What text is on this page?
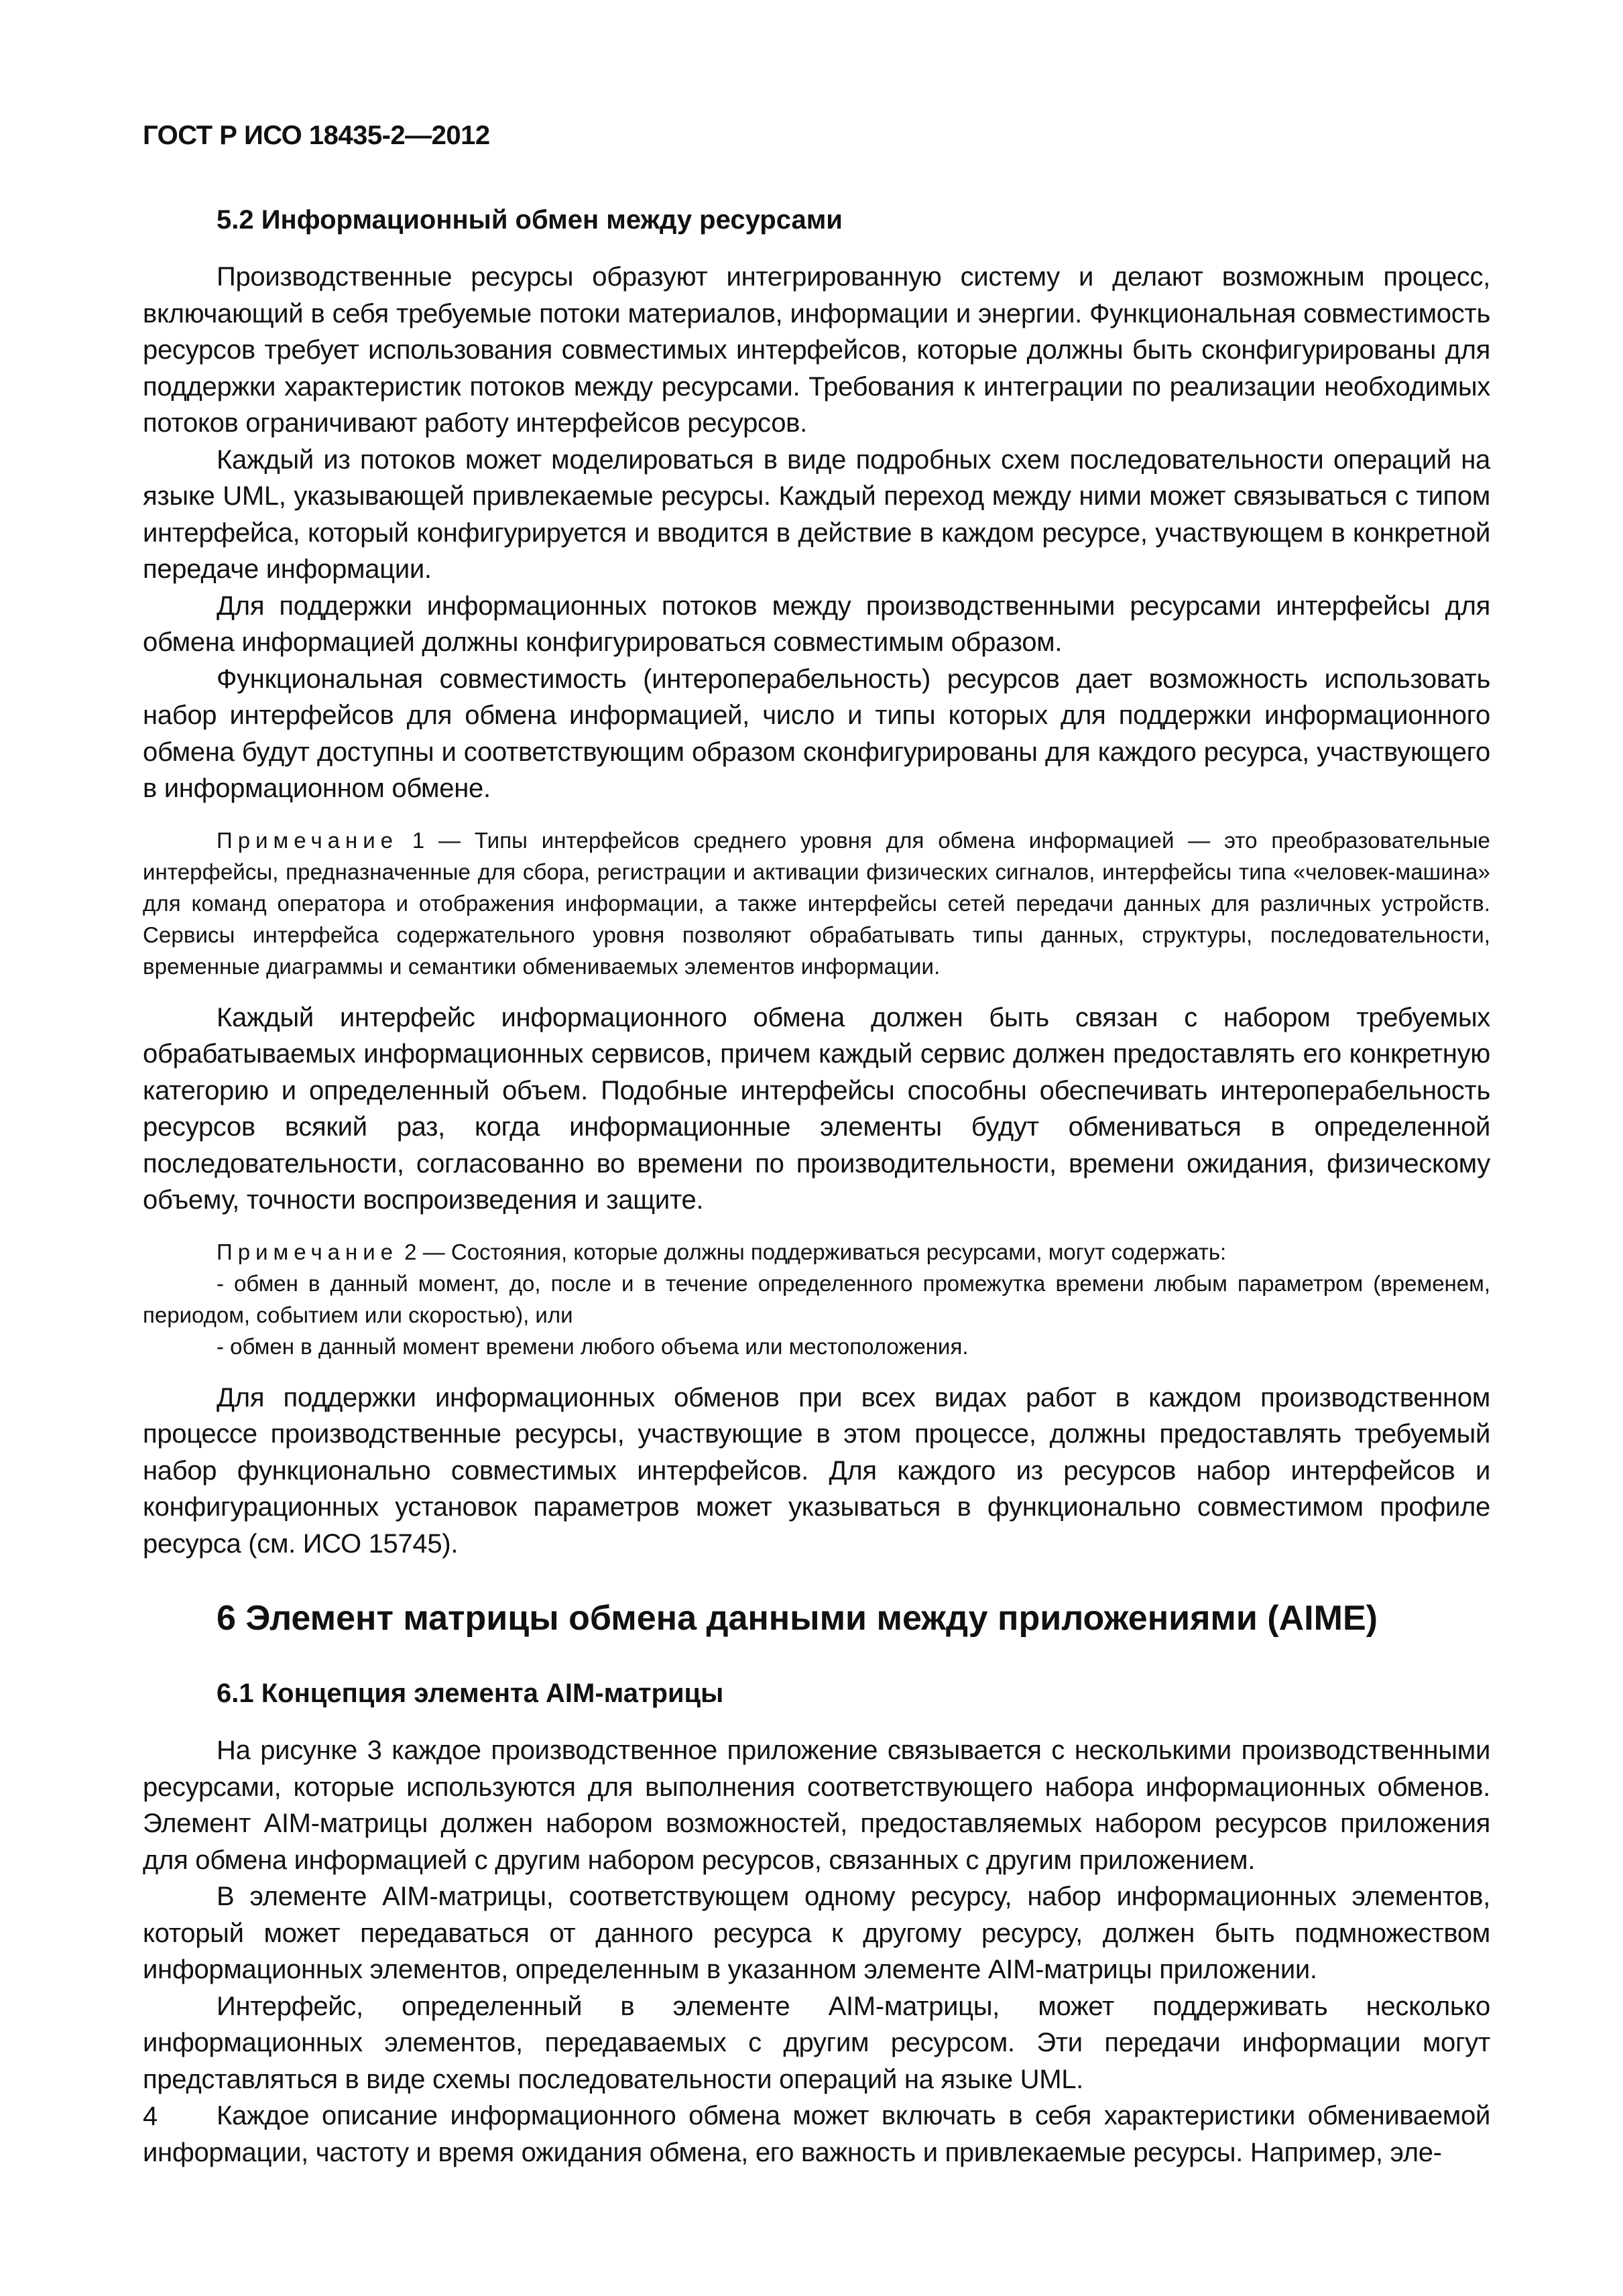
ГОСТ Р ИСО 18435-2—2012

5.2 Информационный обмен между ресурсами

Производственные ресурсы образуют интегрированную систему и делают возможным процесс, включающий в себя требуемые потоки материалов, информации и энергии. Функциональная совместимость ресурсов требует использования совместимых интерфейсов, которые должны быть сконфигурированы для поддержки характеристик потоков между ресурсами. Требования к интеграции по реализации необходимых потоков ограничивают работу интерфейсов ресурсов.

Каждый из потоков может моделироваться в виде подробных схем последовательности операций на языке UML, указывающей привлекаемые ресурсы. Каждый переход между ними может связываться с типом интерфейса, который конфигурируется и вводится в действие в каждом ресурсе, участвующем в конкретной передаче информации.

Для поддержки информационных потоков между производственными ресурсами интерфейсы для обмена информацией должны конфигурироваться совместимым образом.

Функциональная совместимость (интероперабельность) ресурсов дает возможность использовать набор интерфейсов для обмена информацией, число и типы которых для поддержки информационного обмена будут доступны и соответствующим образом сконфигурированы для каждого ресурса, участвующего в информационном обмене.

Примечание 1 — Типы интерфейсов среднего уровня для обмена информацией — это преобразовательные интерфейсы, предназначенные для сбора, регистрации и активации физических сигналов, интерфейсы типа «человек-машина» для команд оператора и отображения информации, а также интерфейсы сетей передачи данных для различных устройств. Сервисы интерфейса содержательного уровня позволяют обрабатывать типы данных, структуры, последовательности, временные диаграммы и семантики обмениваемых элементов информации.

Каждый интерфейс информационного обмена должен быть связан с набором требуемых обрабатываемых информационных сервисов, причем каждый сервис должен предоставлять его конкретную категорию и определенный объем. Подобные интерфейсы способны обеспечивать интероперабельность ресурсов всякий раз, когда информационные элементы будут обмениваться в определенной последовательности, согласованно во времени по производительности, времени ожидания, физическому объему, точности воспроизведения и защите.

Примечание 2 — Состояния, которые должны поддерживаться ресурсами, могут содержать:

- обмен в данный момент, до, после и в течение определенного промежутка времени любым параметром (временем, периодом, событием или скоростью), или

- обмен в данный момент времени любого объема или местоположения.

Для поддержки информационных обменов при всех видах работ в каждом производственном процессе производственные ресурсы, участвующие в этом процессе, должны предоставлять требуемый набор функционально совместимых интерфейсов. Для каждого из ресурсов набор интерфейсов и конфигурационных установок параметров может указываться в функционально совместимом профиле ресурса (см. ИСО 15745).

6 Элемент матрицы обмена данными между приложениями (AIME)

6.1 Концепция элемента AIM-матрицы

На рисунке 3 каждое производственное приложение связывается с несколькими производственными ресурсами, которые используются для выполнения соответствующего набора информационных обменов. Элемент AIM-матрицы должен набором возможностей, предоставляемых набором ресурсов приложения для обмена информацией с другим набором ресурсов, связанных с другим приложением.

В элементе AIM-матрицы, соответствующем одному ресурсу, набор информационных элементов, который может передаваться от данного ресурса к другому ресурсу, должен быть подмножеством информационных элементов, определенным в указанном элементе AIM-матрицы приложении.

Интерфейс, определенный в элементе AIM-матрицы, может поддерживать несколько информационных элементов, передаваемых с другим ресурсом. Эти передачи информации могут представляться в виде схемы последовательности операций на языке UML.

Каждое описание информационного обмена может включать в себя характеристики обмениваемой информации, частоту и время ожидания обмена, его важность и привлекаемые ресурсы. Например, эле-

4
